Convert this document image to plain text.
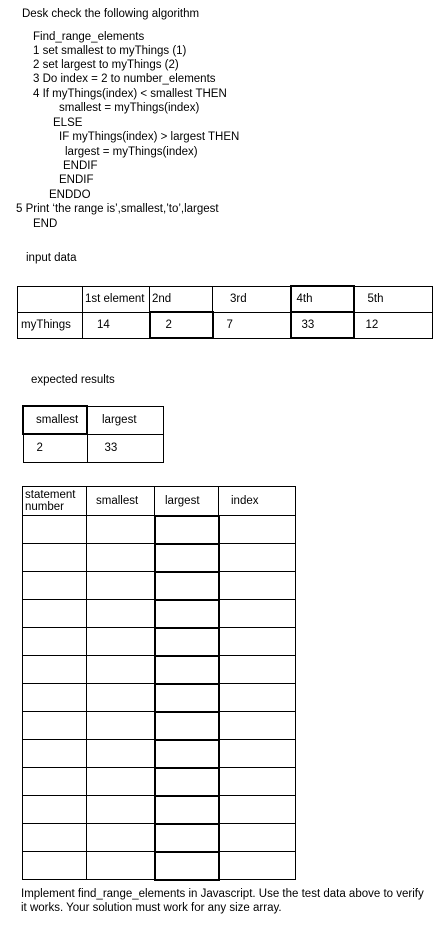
Desk check the following algorithm
Find_range_elements
1 set smallest to myThings (1)
2 set largest to myThings (2)
3 Do index = 2 to number_elements
4 If myThings(index) < smallest THEN
smallest = myThings(index)
ELSE
IF myThings(index) > largest THEN
largest = myThings(index)
ENDIF
ENDIF
ENDDO
5 Print ‘the range is’,smallest,’to’,largest
END
input data
	1st element	2nd	3rd	4th	5th
myThings	14	2	7	33	12
expected results
smallest	largest
2	33
statement
number	smallest	largest	index

Implement find_range_elements in Javascript. Use the test data above to verify it works. Your solution must work for any size array.
